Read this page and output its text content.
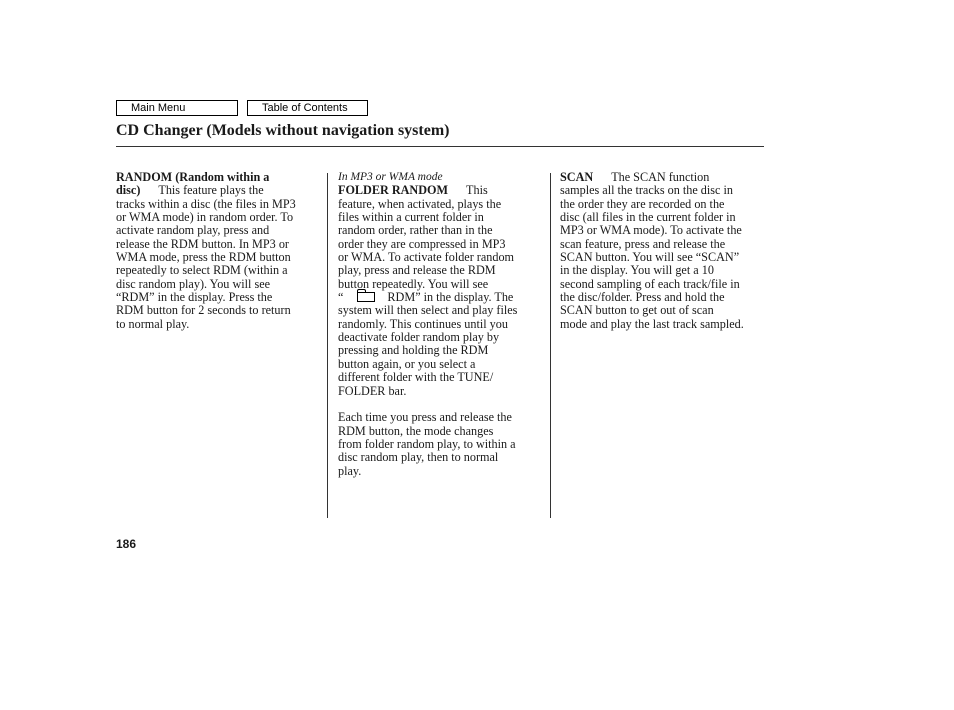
Main Menu	Table of Contents
CD Changer (Models without navigation system)
RANDOM (Random within a
disc) This feature plays the
tracks within a disc (the files in MP3
or WMA mode) in random order. To
activate random play, press and
release the RDM button. In MP3 or
WMA mode, press the RDM button
repeatedly to select RDM (within a
disc random play). You will see
“RDM” in the display. Press the
RDM button for 2 seconds to return
to normal play.
In MP3 or WMA mode
FOLDER RANDOM This
feature, when activated, plays the
files within a current folder in
random order, rather than in the
order they are compressed in MP3
or WMA. To activate folder random
play, press and release the RDM
button repeatedly. You will see
“	RDM” in the display. The
system will then select and play files
randomly. This continues until you
deactivate folder random play by
pressing and holding the RDM
button again, or you select a
different folder with the TUNE/
FOLDER bar.
Each time you press and release the
RDM button, the mode changes
from folder random play, to within a
disc random play, then to normal
play.
SCAN The SCAN function
samples all the tracks on the disc in
the order they are recorded on the
disc (all files in the current folder in
MP3 or WMA mode). To activate the
scan feature, press and release the
SCAN button. You will see “SCAN”
in the display. You will get a 10
second sampling of each track/file in
the disc/folder. Press and hold the
SCAN button to get out of scan
mode and play the last track sampled.
186
